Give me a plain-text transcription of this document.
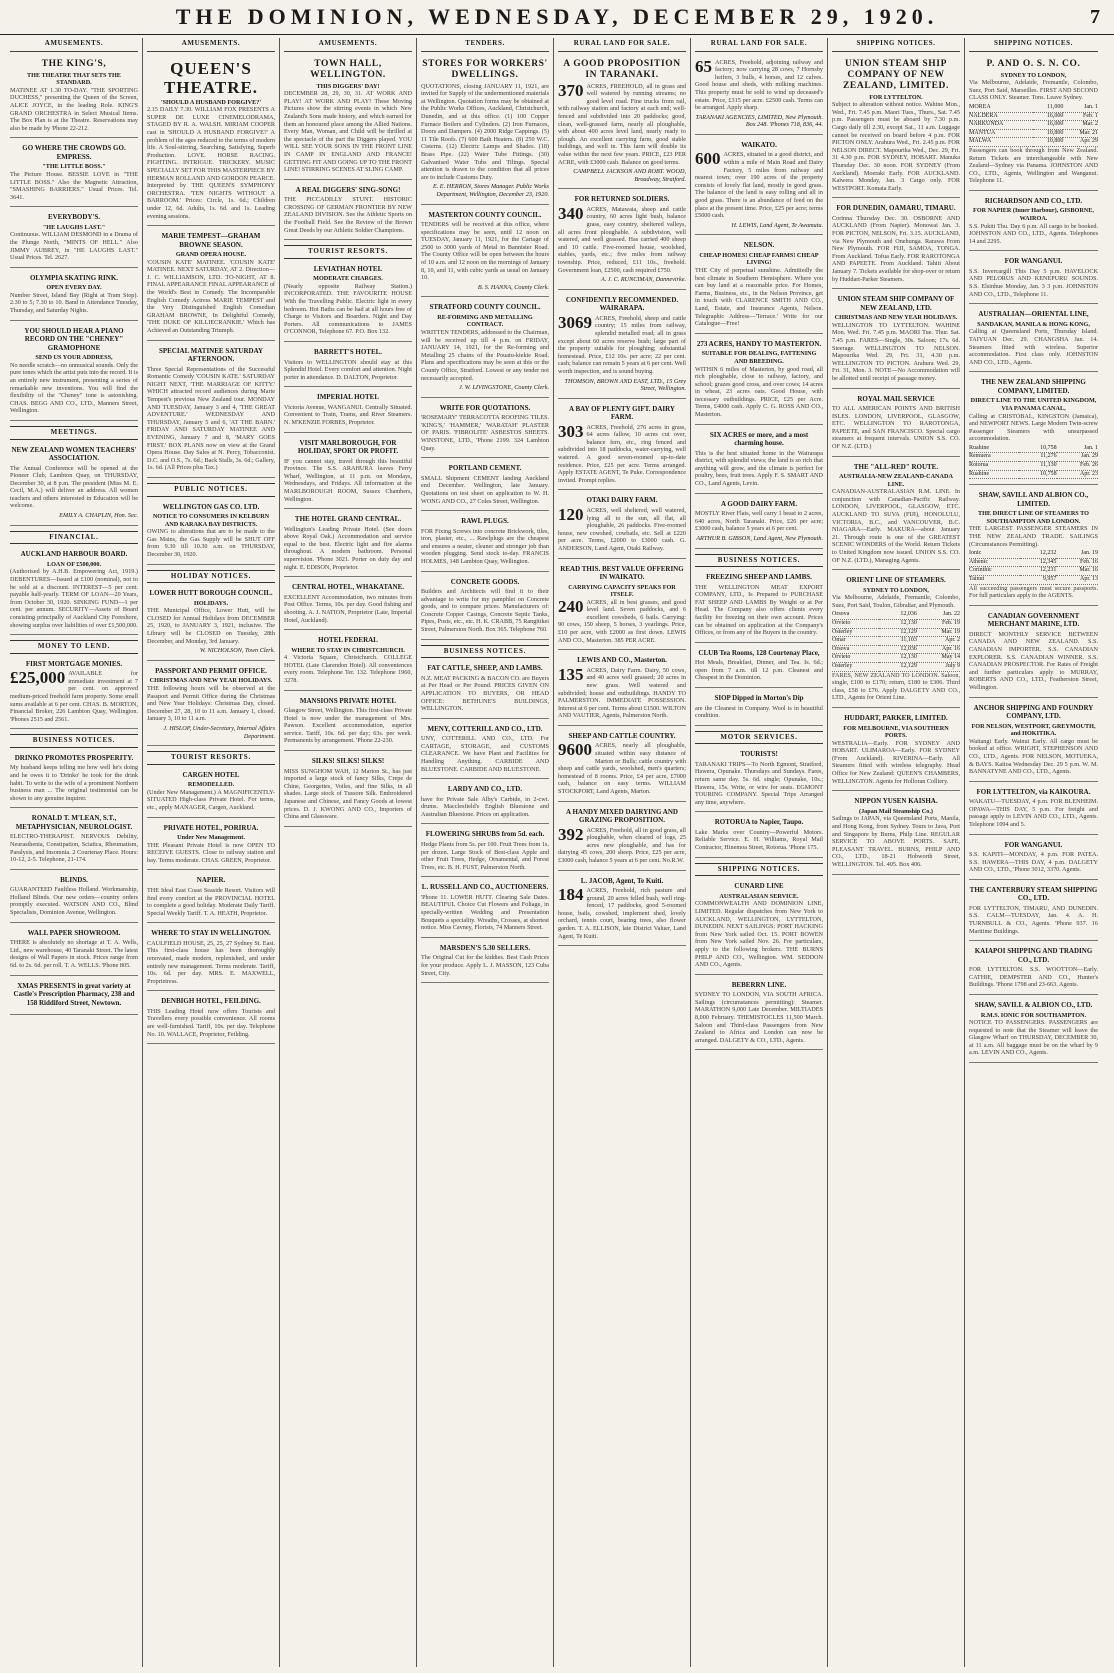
THE DOMINION, WEDNESDAY, DECEMBER 29, 1920.	7
AMUSEMENTS.
THE KING'S,
THE THEATRE THAT SETS THE STANDARD.
MATINEE AT 1.30 TO-DAY. "THE SPORTING DUCHESS," presenting the Queen of the Screen, ALICE JOYCE, in the leading Role. KING'S GRAND ORCHESTRA in Select Musical Items. The Box Plan is at the Theatre. Reservations may also be made by 'Phone 22-212.
GO WHERE THE CROWDS GO. EMPRESS.
"THE LITTLE BOSS."
The Picture House. BESSIE LOVE in "THE LITTLE BOSS." Also the Magnetic Attraction, "SMASHING BARRIERS." Usual Prices. Tel. 3641.
EVERYBODY'S.
"HE LAUGHS LAST."
Continuous. WILLIAM DESMOND in a Drama of the Plunge North, "MINTS OF HELL." Also JIMMY AUBREY, in "HE LAUGHS LAST." Usual Prices. Tel. 2627.
OLYMPIA SKATING RINK.
OPEN EVERY DAY.
Number Street, Island Bay (Right at Tram Stop). 2.30 to 5; 7.30 to 10. Band in Attendance Tuesday, Thursday, and Saturday Nights.
YOU SHOULD HEAR A PIANO RECORD ON THE "CHENEY" GRAMOPHONE
SEND US YOUR ADDRESS,
No needle scratch—no unmusical sounds. Only the pure tones which the artist puts into the record. It is an entirely new instrument, presenting a series of remarkable new inventions. You will find the flexibility of the "Cheney" tone is astonishing. CHAS. BEGG AND CO., LTD., Manners Street, Wellington.
MEETINGS.
NEW ZEALAND WOMEN TEACHERS' ASSOCIATION.
The Annual Conference will be opened at the Pioneer Club, Lambton Quay, on THURSDAY, December 30, at 8 p.m. The president (Miss M. E. Cecil, M.A.) will deliver an address. All women teachers and others interested in Education will be welcome.
EMILY A. CHAPLIN, Hon. Sec.
FINANCIAL.
AUCKLAND HARBOUR BOARD.
LOAN OF £500,000.
(Authorised by A.H.B. Empowering Act, 1919.) DEBENTURES—Issued at £100 (nominal), not to be sold at a discount. INTEREST—5 per cent. payable half-yearly. TERM OF LOAN—20 Years, from October 30, 1920. SINKING FUND—1 per cent. per annum. SECURITY—Assets of Board consisting principally of Auckland City Foreshore, showing surplus over liabilities of over £1,500,000.
MONEY TO LEND.
FIRST MORTGAGE MONIES.
£25,000 AVAILABLE for immediate investment at 7 per cent. on approved medium-priced freehold farm property. Some small sums available at 6 per cent. CHAS. B. MORTON, Financial Broker, 226 Lambton Quay, Wellington. 'Phones 2515 and 2561.
BUSINESS NOTICES.
DRINKO PROMOTES PROSPERITY.
My husband keeps telling me how well he's doing and he owes it to 'Drinko' he took for the drink habit. To write to the wife of a prominent Northern business man ... The original testimonial can be shown to any genuine inquirer.
RONALD T. M'LEAN, S.T., METAPHYSICIAN, NEUROLOGIST.
ELECTRO-THERAPIST. NERVOUS Debility, Neurasthenia, Constipation, Sciatica, Rheumatism, Paralysis, and Insomnia. 2 Courtenay Place. Hours: 10-12, 2-5. Telephone, 21-174.
BLINDS.
GUARANTEED Faultless Holland. Workmanship, Holland Blinds. Our new orders—country orders promptly executed. WATSON AND CO., Blind Specialists, Dominion Avenue, Wellington.
WALL PAPER SHOWROOM.
THERE is absolutely no shortage at T. A. Wells, Ltd., new warehouse, 40 Taranaki Street. The latest designs of Wall Papers in stock. Prices range from 6d. to 2s. 6d. per roll. T. A. WELLS. 'Phone 805.
XMAS PRESENTS in great variety at Castle's Prescription Pharmacy, 238 and 158 Riddiford Street, Newtown.
AMUSEMENTS.
QUEEN'S THEATRE.
'SHOULD A HUSBAND FORGIVE?'
2.15 DAILY 7.30. WILLIAM FOX PRESENTS A SUPER DE LUXE CINEMELODRAMA, STAGED BY R. A. WALSH. MIRIAM COOPER cast in 'SHOULD A HUSBAND FORGIVE?' A problem of the ages reduced to the terms of modern life. A Soul-stirring, Searching, Satisfying, Superb Production. LOVE. HORSE RACING. FIGHTING. INTRIGUE. TRICKERY. MUSIC SPECIALLY SET FOR THIS MASTERPIECE BY HERMAN ROLLAND AND GORDON PEARCE. Interpreted by THE QUEEN'S SYMPHONY ORCHESTRA. 'TEN NIGHTS WITHOUT A BARROOM.' Prices: Circle, 1s. 6d.; Children under 12, 6d. Adults, 1s. 6d. and 1s. Leading evening sessions.
MARIE TEMPEST—GRAHAM BROWNE SEASON.
GRAND OPERA HOUSE.
'COUSIN KATE' MATINEE. 'COUSIN KATE' MATINEE. NEXT SATURDAY, AT 2. Direction—J. C. WILLIAMSON, LTD. TO-NIGHT, AT 8. FINAL APPEARANCE FINAL APPEARANCE of the World's Best in Comedy. The Incomparable English Comedy Actress MARIE TEMPEST and the Very Distinguished English Comedian GRAHAM BROWNE, In Delightful Comedy, 'THE DUKE OF KILLIECRANKIE.' Which has Achieved an Outstanding Triumph.
SPECIAL MATINEE SATURDAY AFTERNOON.
Three Special Representations of the Successful Romantic Comedy 'COUSIN KATE.' SATURDAY NIGHT NEXT, 'THE MARRIAGE OF KITTY.' WHICH attracted record audiences during Marie Tempest's previous New Zealand tour. MONDAY AND TUESDAY, January 3 and 4, 'THE GREAT ADVENTURE.' WEDNESDAY AND THURSDAY, January 5 and 6, 'AT THE BARN.' FRIDAY AND SATURDAY MATINEE AND EVENING, January 7 and 8, 'MARY GOES FIRST.' BOX PLANS now on view at the Grand Opera House. Day Sales at N. Percy, Tobacconist. D.C. and O.S., 7s. 6d.; Back Stalls, 3s. 6d.; Gallery, 1s. 6d. (All Prices plus Tax.)
PUBLIC NOTICES.
WELLINGTON GAS CO. LTD.
NOTICE TO CONSUMERS IN KELBURN AND KARAKA BAY DISTRICTS.
OWING to alterations that are to be made to the Gas Mains, the Gas Supply will be SHUT OFF from 9.30 till 10.30 a.m. on THURSDAY, December 30, 1920.
HOLIDAY NOTICES.
LOWER HUTT BOROUGH COUNCIL.
HOLIDAYS.
THE Municipal Office, Lower Hutt, will be CLOSED for Annual Holidays from DECEMBER 25, 1920, to JANUARY 3, 1921, inclusive. The Library will be CLOSED on Tuesday, 28th December, and Monday, 3rd January.
W. NICHOLSON, Town Clerk.
PASSPORT AND PERMIT OFFICE.
CHRISTMAS AND NEW YEAR HOLIDAYS.
THE following hours will be observed at the Passport and Permit Office during the Christmas and New Year Holidays: Christmas Day, closed. December 27, 28, 10 to 11 a.m. January 1, closed. January 3, 10 to 11 a.m.
J. HISLOP, Under-Secretary, Internal Affairs Department.
TOURIST RESORTS.
CARGEN HOTEL
REMODELLED.
(Under New Management.) A MAGNIFICENTLY-SITUATED High-class Private Hotel. For terms, etc., apply MANAGER, Cargen, Auckland.
PRIVATE HOTEL, PORIRUA.
Under New Management.
THE Pleasant Private Hotel is now OPEN TO RECEIVE GUESTS. Close to railway station and bay. Terms moderate. CHAS. GREEN, Proprietor.
NAPIER.
THE Ideal East Coast Seaside Resort. Visitors will find every comfort at the PROVINCIAL HOTEL to complete a good holiday. Moderate Daily Tariff. Special Weekly Tariff. T. A. HEATH, Proprietor.
WHERE TO STAY IN WELLINGTON.
CAULFIELD HOUSE, 25, 25, 27 Sydney St. East. This first-class house has been thoroughly renovated, made modern, replenished, and under entirely new management. Terms moderate. Tariff, 10s. 6d. per day. MRS. E. MAXWELL, Proprietress.
DENBIGH HOTEL, FEILDING.
THIS Leading Hotel now offers Tourists and Travellers every possible convenience. All rooms are well-furnished. Tariff, 10s. per day. Telephone No. 10. WALLACE, Proprietor, Feilding.
AMUSEMENTS.
TOWN HALL, WELLINGTON.
THIS DIGGERS' DAY!
DECEMBER 28, 29, 30, 31. AT WORK AND PLAY! AT WORK AND PLAY! These Moving Pictures show the stirring events in which New Zealand's Sons made history, and which earned for them an honoured place among the Allied Nations. Every Man, Woman, and Child will be thrilled at the spectacle of the part the Diggers played. YOU WILL SEE YOUR SONS IN THE FRONT LINE IN CAMP IN ENGLAND AND FRANCE! GETTING FIT AND GOING UP TO THE FRONT LINE! STIRRING SCENES AT SLING CAMP.
A REAL DIGGERS' SING-SONG!
THE PICCADILLY STUNT. HISTORIC CROSSING OF GERMAN FRONTIER BY NEW ZEALAND DIVISION. See the Athletic Sports on the Football Field. See the Review of the Brown Great Deeds by our Athletic Soldier Champions.
TOURIST RESORTS.
LEVIATHAN HOTEL
MODERATE CHARGES.
(Nearly opposite Railway Station.) INCORPORATED. THE FAVOURITE HOUSE With the Travelling Public. Electric light in every bedroom. Hot Baths can be had at all hours free of Charge to Visitors and Boarders. Night and Day Porters. All communications to JAMES O'CONNOR, Telephone 67. P.O. Box 132.
BARRETT'S HOTEL.
Visitors to WELLINGTON should stay at this Splendid Hotel. Every comfort and attention. Night porter in attendance. D. DALTON, Proprietor.
IMPERIAL HOTEL
Victoria Avenue, WANGANUI. Centrally Situated. Convenient to Train, Trams, and River Steamers. N. M'KENZIE FORBES, Proprietor.
VISIT MARLBOROUGH, FOR HOLIDAY, SPORT OR PROFIT.
IF you cannot stay, travel through this beautiful Province. The S.S. ARAHURA leaves Ferry Wharf, Wellington, at 11 p.m. on Mondays, Wednesdays, and Fridays. All information at the MARLBOROUGH ROOM, Sussex Chambers, Wellington.
THE HOTEL GRAND CENTRAL.
Wellington's Leading Private Hotel. (See doors above Royal Oak.) Accommodation and service equal to the best. Electric light and fire alarms throughout. A modern bathroom. Personal supervision. 'Phone 3021. Porter on duty day and night. E. EDISON, Proprietor.
CENTRAL HOTEL, WHAKATANE.
EXCELLENT Accommodation, two minutes from Post Office. Terms, 10s. per day. Good fishing and shooting. A. J. NATION, Proprietor (Late, Imperial Hotel, Auckland).
HOTEL FEDERAL
WHERE TO STAY IN CHRISTCHURCH.
4 Victoria Square, Christchurch. COLLEGE HOTEL (Late Clarendon Hotel). All conveniences every room. Telephone Ter. 132. Telephone 1960, 3278.
MANSIONS PRIVATE HOTEL
Glasgow Street, Wellington. This first-class Private Hotel is now under the management of Mrs. Pawson. Excellent accommodation, superior service. Tariff, 10s. 6d. per day; 63s. per week. Permanents by arrangement. 'Phone 22-230.
SILKS! SILKS! SILKS!
MISS SUNGHOM WAH, 12 Marion St., has just imported a large stock of fancy Silks, Crepe de Chine, Georgettes, Voiles, and fine Silks, in all shades. Large stock of Tussore Silk. Embroidered Japanese and Chinese, and Fancy Goods at lowest prices. D. J. KWONG AND CO., Importers of China and Glassware.
TENDERS.
STORES FOR WORKERS' DWELLINGS.
QUOTATIONS, closing JANUARY 11, 1921, are invited for Supply of the undermentioned materials at Wellington. Quotation forms may be obtained at the Public Works Offices, Auckland, Christchurch, Dunedin, and at this office. (1) 100 Copper Furnace Boilers and Cylinders. (2) Iron Furnaces, Doors and Dampers. (4) 2000 Ridge Cappings. (5) 11 Tile Roofs. (7) 600 Bath Heaters. (8) 250 W.C. Cisterns. (12) Electric Lamps and Shades. (18) Brass Pipe. (22) Water Tube Fittings. (30) Galvanised Water Tubs and Tilings. Special attention is drawn to the condition that all prices are to include Customs Duty.
E. E. HERRON, Stores Manager. Public Works Department, Wellington, December 23, 1920.
MASTERTON COUNTY COUNCIL.
TENDERS will be received at this office, where specifications may be seen, until 12 noon on TUESDAY, January 11, 1921, for the Cartage of 2500 to 3000 yards of Metal in Bannister Road. The County Office will be open between the hours of 10 a.m. and 12 noon on the mornings of January 8, 10, and 11, with cubic yards as usual on January 10.
B. S. HANNA, County Clerk.
STRATFORD COUNTY COUNCIL.
RE-FORMING AND METALLING CONTRACT.
WRITTEN TENDERS, addressed to the Chairman, will be received up till 4 p.m. on FRIDAY, JANUARY 14, 1921, for the Re-forming and Metalling 25 chains of the Pouatu-kiekie Road. Plans and specifications may be seen at this or the County Office, Stratford. Lowest or any tender not necessarily accepted.
J. W. LIVINGSTONE, County Clerk.
WRITE FOR QUOTATIONS.
'ROSEMARY' TERRACOTTA ROOFING TILES. 'KING'S,' 'HAMMER,' 'WARATAH' PLASTER OF PARIS. 'FIBROLITE' ASBESTOS SHEETS. WINSTONE, LTD., 'Phone 2199. 324 Lambton Quay.
PORTLAND CEMENT.
SMALL Shipment CEMENT landing Auckland end December. Wellington, late January. Quotations on test sheet on application to W. H. WONG AND CO., 27 Coles Street, Wellington.
RAWL PLUGS.
FOR Fixing Screws into concrete Brickwork, tiles, iron, plaster, etc., ... Rawlplugs are the cheapest and ensures a neater, cleaner and stronger job than wooden plugging. Send stock to-day. FRANCIS HOLMES, 148 Lambton Quay, Wellington.
CONCRETE GOODS.
Builders and Architects will find it to their advantage to write for my pamphlet on Concrete goods, and to compare prices. Manufacturers of: Concrete Copper Casings, Concrete Septic Tanks, Pipes, Posts, etc., etc. H. K. CRABB, 75 Rangitikei Street, Palmerston North. Box 365. Telephone 760.
BUSINESS NOTICES.
FAT CATTLE, SHEEP, AND LAMBS.
N.Z. MEAT PACKING & BACON CO. are Buyers at Per Head or Per Pound. PRICES GIVEN ON APPLICATION TO BUYERS, OR HEAD OFFICE: BETHUNE'S BUILDINGS, WELLINGTON.
MENY, COTTERILL AND CO., LTD.
UNY, COTTERILL AND CO., LTD. For CARTAGE, STORAGE, and CUSTOMS CLEARANCE. We have Plant and Facilities for Handling Anything. CARBIDE AND BLUESTONE. CARBIDE AND BLUESTONE.
LARDY AND CO., LTD.
have for Private Sale Alby's Carbide, in 2-cwt. drums. Macclesfield's English Bluestone and Australian Bluestone. Prices on application.
FLOWERING SHRUBS from 5d. each.
Hedge Plants from 5s. per 100. Fruit Trees from 1s. per dozen. Large Stock of Best-class Apple and other Fruit Trees, Hedge, Ornamental, and Forest Trees, etc. B. H. FUST, Palmerston North.
L. RUSSELL AND CO., AUCTIONEERS.
'Phone 11. LOWER HUTT. Clearing Sale Dates. BEAUTIFUL Choice Cut Flowers and Foliage, in specially-written Wedding and Presentation Bouquets a speciality. Wreaths, Crosses, at shortest notice. Miss Cavney, Florists, 74 Manners Street.
MARSDEN'S 5.30 SELLERS.
The Original Cut for the kiddies. Best Cash Prices for your produce. Apply L. J. MASSON, 123 Cuba Street, City.
RURAL LAND FOR SALE.
A GOOD PROPOSITION IN TARANAKI.
370 ACRES, FREEHOLD, all in grass and well watered by running streams; no good level road. Fine trucks from rail, with railway station and factory at each end; well-fenced and subdivided into 20 paddocks; good, clean, well-grassed farm, nearly all ploughable, with about 400 acres level land, nearly ready to plough. An excellent carrying farm, good stable buildings, and well in. This farm will double its value within the next few years. PRICE, £23 PER ACRE, with £3000 cash. Balance on good terms.
CAMPBELL JACKSON AND ROBT. WOOD, Broadway, Stratford.
FOR RETURNED SOLDIERS.
340 ACRES, Matawaia, sheep and cattle country, 60 acres light bush, balance grass, easy country, sheltered valleys, all acres front ploughable. A subdivision, well watered, and well grassed. Has carried 400 sheep and 10 cattle. Five-roomed house, woolshed, stables, yards, etc.; five miles from railway township. Price, reduced, £11 10s., freehold. Government loan, £2500, cash required £750.
A. J. C. RUNCIMAN, Dannevirke.
CONFIDENTLY RECOMMENDED. WAIRARAPA.
3069 ACRES, Freehold, sheep and cattle country; 15 miles from railway, splendid metalled road; all in grass except about 60 acres reserve bush; large part of the property suitable for ploughing; substantial homestead. Price, £12 10s. per acre; 22 per cent. cash; balance can remain 5 years at 6 per cent. Well worth inspection, and is sound buying.
THOMSON, BROWN AND EAST, LTD., 15 Grey Street, Wellington.
A BAY OF PLENTY GIFT. DAIRY FARM.
303 ACRES, Freehold, 276 acres in grass, 64 acres fallow, 10 acres cut over, balance fern, etc., ring fenced and subdivided into 18 paddocks, water-carrying, well watered. A good seven-roomed up-to-date residence. Price, £25 per acre. Terms arranged. Apply ESTATE AGENT, Te Puke. Correspondence invited. Prompt replies.
OTAKI DAIRY FARM.
120 ACRES, well sheltered, well watered, lying all to the sun, all flat, all ploughable, 26 paddocks. Five-roomed house, new cowshed, cowbails, etc. Sell at £220 per acre. Terms, £2000 to £3000 cash. G. ANDERSON, Land Agent, Otaki Railway.
READ THIS. BEST VALUE OFFERING IN WAIKATO.
CARRYING CAPACITY SPEAKS FOR ITSELF.
240 ACRES, all in best grasses, and good level land. Seven paddocks, and 6 excellent cowsheds, 6 bails. Carrying: 90 cows, 150 sheep, 5 horses, 3 yearlings. Price, £10 per acre, with £2000 as first down. LEWIS AND CO., Masterton. 385 PER ACRE.
LEWIS AND CO., Masterton.
135 ACRES, Dairy Farm. Dairy, 50 cows, and 40 acres well grassed; 20 acres in new grass. Well watered and subdivided; house and outbuildings. HANDY TO PALMERSTON. IMMEDIATE POSSESSION. Interest at 6 per cent. Terms about £1500. WILTON AND VAUTIER, Agents, Palmerston North.
SHEEP AND CATTLE COUNTRY.
9600 ACRES, nearly all ploughable, situated within easy distance of Marton or Bulls; cattle country with sheep and cattle yards, woolshed, men's quarters; homestead of 8 rooms. Price, £4 per acre, £7000 cash, balance on easy terms. WILLIAM STOCKPORT, Land Agents, Marton.
A HANDY MIXED DAIRYING AND GRAZING PROPOSITION.
392 ACRES, Freehold, all in good grass, all ploughable, when cleared of logs, 25 acres new ploughable, and has for dairying 45 cows, 200 sheep. Price, £25 per acre, £3000 cash, balance 5 years at 6 per cent. No.R.W.
L. JACOB, Agent, Te Kuiti.
184 ACRES, Freehold, rich pasture and ground, 20 acres felled bush, well ring-fenced, 17 paddocks, good 5-roomed house, bails, cowshed, implement shed, lovely orchard, tennis court, bearing trees, also flower garden. T. A. ELLISON, late District Valuer, Land Agent, Te Kuiti.
RURAL LAND FOR SALE.
65 ACRES, Freehold, adjoining railway and factory; now carrying 28 cows, 7 Hornsby heifers, 3 bulls, 4 horses, and 12 calves. Good house and sheds, with milking machines. This property must be sold to wind up deceased's estate. Price, £315 per acre. £2500 cash. Terms can be arranged. Apply sharp.
TARANAKI AGENCIES, LIMITED, New Plymouth. Box 248. 'Phones 718, 836, 44.
WAIKATO.
600 ACRES, situated in a good district, and within a mile of Main Road and Dairy Factory, 5 miles from railway and nearest town; over 190 acres of the property consists of lovely flat land, mostly in good grass. The balance of the land is easy rolling and all in good grass. There is an abundance of feed on the place at the present time. Price, £25 per acre; terms £5000 cash.
H. LEWIS, Land Agent, Te Awamutu.
NELSON.
CHEAP HOMES! CHEAP FARMS! CHEAP LIVING!
THE City of perpetual sunshine. Admittedly the best climate in Southern Hemisphere. Where you can buy land at a reasonable price. For Homes, Farms, Business, etc., in the Nelson Province, get in touch with CLARENCE SMITH AND CO., Land, Estate, and Insurance Agents, Nelson. Telegraphic Address—'Terrace.' Write for our Catalogue—Free!
273 ACRES, HANDY TO MASTERTON.
SUITABLE FOR DEALING, FATTENING AND BREEDING.
WITHIN 6 miles of Masterton, by good road, all rich ploughable, close to railway, factory, and school; grazes good cross, and over cows; 14 acres in wheat, 23 acres oats. Good House, with necessary outbuildings. PRICE, £25 per Acre. Terms, £4000 cash. Apply C. G. ROSS AND CO., Masterton.
SIX ACRES or more, and a most charming house.
This is the best situated home in the Wairarapa district, with splendid views; the land is so rich that anything will grow, and the climate is perfect for poultry, bees, fruit trees. Apply F. S. SMART AND CO., Land Agents, Levin.
A GOOD DAIRY FARM.
MOSTLY River Flats, well carry 1 beast to 2 acres, 640 acres, North Taranaki. Price, £26 per acre; £3000 cash, balance 5 years at 6 per cent.
ARTHUR B. GIBSON, Land Agent, New Plymouth.
BUSINESS NOTICES.
FREEZING SHEEP AND LAMBS.
THE WELLINGTON MEAT EXPORT COMPANY, LTD., Is Prepared to PURCHASE FAT SHEEP AND LAMBS By Weight or at Per Head. The Company also offers clients every facility for freezing on their own account. Prices can be obtained on application at the Company's Offices, or from any of the Buyers in the country.
CLUB Tea Rooms, 128 Courtenay Place,
Hot Meals, Breakfast, Dinner, and Tea. Is. 6d.; open from 7 a.m. till 12 p.m. Cleanest and Cheapest in the Dominion.
SIOP Dipped in Morton's Dip
are the Cleanest in Company. Wool is in beautiful condition.
MOTOR SERVICES.
TOURISTS!
TARANAKI TRIPS—To North Egmont, Stratford, Hawera, Opunake. Thursdays and Sundays. Fares, return same day. 5s. 6d. single; Opunake, 10s.; Hawera, 15s. Write, or wire for seats. EGMONT TOURING COMPANY. Special Trips Arranged any time, anywhere.
ROTORUA to Napier, Taupo.
Lake Marks over Country—Powerful Motors. Reliable Service. E. H. Williams, Royal Mail Contractor, Hinemoa Street, Rotorua. 'Phone 175.
SHIPPING NOTICES.
CUNARD LINE
AUSTRALASIAN SERVICE.
COMMONWEALTH AND DOMINION LINE, LIMITED. Regular dispatches from New York to AUCKLAND, WELLINGTON, LYTTELTON, DUNEDIN. NEXT SAILINGS: PORT HACKING from New York sailed Oct. 15. PORT BOWEN from New York sailed Nov. 26. For particulars, apply to the following brokers. THE BURNS PHILP AND CO., Wellington. WM. SEDDON AND CO., Agents.
BEBERRN LINE.
SYDNEY TO LONDON, VIA SOUTH AFRICA. Sailings (circumstances permitting): Steamer. MARATHON 9,000 Late December. MILTIADES 8,000 February. THEMISTOCLES 11,500 March. Saloon and Third-class Passengers from New Zealand to Africa and London can now be arranged. DALGETY & CO., LTD., Agents.
SHIPPING NOTICES.
UNION STEAM SHIP COMPANY OF NEW ZEALAND, LIMITED.
FOR LYTTELTON.
Subject to alteration without notice. Wahine Mon., Wed., Fri. 7.45 p.m. Maori Tues., Thurs., Sat. 7.45 p.m. Passengers must be aboard by 7.30 p.m. Cargo daily till 2.30, except Sat., 11 a.m. Luggage cannot be received on board before 4 p.m. FOR PICTON ONLY. Arahura Wed., Fri. 2.45 p.m. FOR NELSON DIRECT. Mapourika Wed., Dec. 29, Fri. 31 4.30 p.m. FOR SYDNEY, HOBART. Manuka Thursday Dec. 30 noon. FOR SYDNEY (From Auckland). Moeraki Early. FOR AUCKLAND. Kaiwera Monday, Jan. 3 Cargo only. FOR WESTPORT. Komata Early.
FOR DUNEDIN, OAMARU, TIMARU.
Corinna Thursday Dec. 30. OSBORNE AND AUCKLAND (From Napier). Monowai Jan. 3. FOR PICTON, NELSON, Fri. 3.15. AUCKLAND, via New Plymouth and Onehunga. Rarawa From New Plymouth. FOR FIJI, SAMOA, TONGA. From Auckland. Tofua Early. FOR RAROTONGA AND PAPEETE. From Auckland. Tahiti About January 7. Tickets available for shop-over or return by Huddart-Parker Steamers.
UNION STEAM SHIP COMPANY OF NEW ZEALAND, LTD.
CHRISTMAS AND NEW YEAR HOLIDAYS.
WELLINGTON TO LYTTELTON. WAHINE Mon. Wed. Fri. 7.45 p.m. MAORI Tue. Thur. Sat. 7.45 p.m. FARES—Single, 30s. Saloon; 17s. 6d. Steerage. WELLINGTON TO NELSON. Mapourika Wed. 29, Fri. 31, 4.30 p.m. WELLINGTON TO PICTON. Arahura Wed. 29, Fri. 31, Mon. 3. NOTE—No Accommodation will be allotted until receipt of passage money.
ROYAL MAIL SERVICE
TO ALL AMERICAN POINTS AND BRITISH ISLES. LONDON, LIVERPOOL, GLASGOW, ETC. WELLINGTON TO RAROTONGA, PAPEETE, and SAN FRANCISCO. Special cargo steamers at frequent intervals. UNION S.S. CO. OF N.Z. (LTD.)
THE "ALL-RED" ROUTE.
AUSTRALIA-NEW ZEALAND-CANADA LINE.
CANADIAN-AUSTRALASIAN R.M. LINE. In conjunction with Canadian-Pacific Railway. LONDON, LIVERPOOL, GLASGOW, ETC. AUCKLAND TO SUVA (FIJI), HONOLULU, VICTORIA, B.C., and VANCOUVER, B.C. NIAGARA—Early. MAKURA—about January 21. Through route is one of the GREATEST SCENIC WONDERS of the World. Return Tickets to United Kingdom now issued. UNION S.S. CO. OF N.Z. (LTD.), Managing Agents.
ORIENT LINE OF STEAMERS.
SYDNEY TO LONDON,
Via Melbourne, Adelaide, Fremantle, Colombo, Suez, Port Said, Toulon, Gibraltar, and Plymouth.
Orsova	12,036	Jan. 22
Orvieto	12,130	Feb. 19
Osterley	12,129	Mar. 19
Omar	11,103	Apr. 2
Orsova	12,036	Apr. 16
Orvieto	12,130	May 14
Osterley	12,129	July 9
FARES, NEW ZEALAND TO LONDON. Saloon, single, £100 to £170; return, £180 to £306. Third class, £58 to £76. Apply DALGETY AND CO., LTD., Agents for Orient Line.
HUDDART, PARKER, LIMITED.
FOR MELBOURNE, VIA SOUTHERN PORTS.
WESTRALIA—Early. FOR SYDNEY AND HOBART. ULIMAROA—Early. FOR SYDNEY (From Auckland). RIVERINA—Early. All Steamers fitted with wireless telegraphy. Head Office for New Zealand: QUEEN'S CHAMBERS, WELLINGTON. Agents for Holloran Colliery.
NIPPON YUSEN KAISHA.
(Japan Mail Steamship Co.)
Sailings to JAPAN, via Queensland Ports, Manila, and Hong Kong, from Sydney. Tours to Java, Port and Singapore by Burns, Philp Line. REGULAR SERVICE TO ABOVE PORTS. SAFE, PLEASANT TRAVEL. BURNS, PHILP AND CO., LTD., 18-21 Hobworth Street, WELLINGTON. Tel. 405. Box 406.
SHIPPING NOTICES.
P. AND O. S. N. CO.
SYDNEY TO LONDON,
Via Melbourne, Adelaide, Fremantle, Colombo, Suez, Port Said, Marseilles. FIRST AND SECOND CLASS ONLY. Steamer. Tons. Leave Sydney.
MOREA	11,000	Jan. 1
NALDERA	16,000	Feb. 1
NARKUNDA	16,000	Mar. 2
MANTUA	10,800	Mar. 21
MALWA	10,800	Apr. 29
Passengers can book through from New Zealand. Return Tickets are interchangeable with New Zealand—Sydney via Panama. JOHNSTON AND CO., LTD., Agents, Wellington and Wanganui. Telephone 11.
RICHARDSON AND CO., LTD.
FOR NAPIER (Inner Harbour), GISBORNE, WAIROA.
S.S. Pukiti Thu. Day 6 p.m. All cargo to be booked. JOHNSTON AND CO., LTD., Agents. Telephones 14 and 2295.
FOR WANGANUI.
S.S. Invercargill This Day 5 p.m. HAVELOCK AND PELORUS AND KENEPURU SOUNDS. S.S. Elsinhue Monday, Jan. 3 3 p.m. JOHNSTON AND CO., LTD., Telephone 11.
AUSTRALIAN—ORIENTAL LINE,
SANDAKAN, MANILA & HONG KONG,
Calling at Queensland Ports, Thursday Island. TAIYUAN Dec. 29. CHANGSHA Jan. 14. Steamers fitted with wireless. Superior accommodation. First class only. JOHNSTON AND CO., LTD., Agents.
THE NEW ZEALAND SHIPPING COMPANY, LIMITED.
DIRECT LINE TO THE UNITED KINGDOM, VIA PANAMA CANAL,
Calling at CRISTOBAL, KINGSTON (Jamaica), and NEWPORT NEWS. Large Modern Twin-screw Passenger Steamers with unsurpassed accommodation.
Ruahine	10,758	Jan. 1
Remuera	11,276	Jan. 29
Rotorua	11,130	Feb. 26
Ruahine	10,758	Apr. 23
SHAW, SAVILL AND ALBION CO., LIMITED.
THE DIRECT LINE OF STEAMERS TO SOUTHAMPTON AND LONDON.
THE LARGEST PASSENGER STEAMERS IN THE NEW ZEALAND TRADE. SAILINGS (Circumstances Permitting).
Ionic	12,232	Jan. 19
Athenic	12,345	Feb. 16
Corinthic	12,231	Mar. 16
Tainui	9,957	Apr. 13
All succeeding passengers must secure passports. For full particulars apply to the AGENTS.
CANADIAN GOVERNMENT MERCHANT MARINE, LTD.
DIRECT MONTHLY SERVICE BETWEEN CANADA AND NEW ZEALAND. S.S. CANADIAN IMPORTER. S.S. CANADIAN EXPLORER. S.S. CANADIAN WINNER. S.S. CANADIAN PROSPECTOR. For Rates of Freight and further particulars apply to MURRAY, ROBERTS AND CO., LTD., Featherston Street, Wellington.
ANCHOR SHIPPING AND FOUNDRY COMPANY, LTD.
FOR NELSON, WESTPORT, GREYMOUTH, and HOKITIKA.
Waitangi Early. Wainui Early. All cargo must be booked at office. WRIGHT, STEPHENSON AND CO., LTD., Agents. FOR NELSON, MOTUEKA, & BAYS. Kaitoa Wednesday Dec. 29 5 p.m. W. M. BANNATYNE AND CO., LTD., Agents.
FOR LYTTELTON, via KAIKOURA.
WAKATU—TUESDAY, 4 p.m. FOR BLENHEIM. OPAWA—THIS DAY, 5 p.m. For freight and passage apply to LEVIN AND CO., LTD., Agents. Telephone 1094 and 5.
FOR WANGANUI.
S.S. KAPITI—MONDAY, 4 p.m. FOR PATEA. S.S. HAWERA—THIS DAY, 4 p.m. DALGETY AND CO., LTD., 'Phone 3012, 3370. Agents.
THE CANTERBURY STEAM SHIPPING CO., LTD.
FOR LYTTELTON, TIMARU, AND DUNEDIN. S.S. CALM—TUESDAY, Jan. 4. A. H. TURNBULL & CO., Agents. 'Phone 937. 16 Maritime Buildings.
KAIAPOI SHIPPING AND TRADING CO., LTD.
FOR LYTTELTON. S.S. WOOTTON—Early. CATHIE, DEMPSTER AND CO., Hunter's Buildings. 'Phone 1798 and 23-663. Agents.
SHAW, SAVILL & ALBION CO., LTD.
R.M.S. IONIC FOR SOUTHAMPTON.
NOTICE TO PASSENGERS. PASSENGERS are requested to note that the Steamer will leave the Glasgow Wharf on THURSDAY, DECEMBER 30, at 11 a.m. All baggage must be on the wharf by 9 a.m. LEVIN AND CO., Agents.
